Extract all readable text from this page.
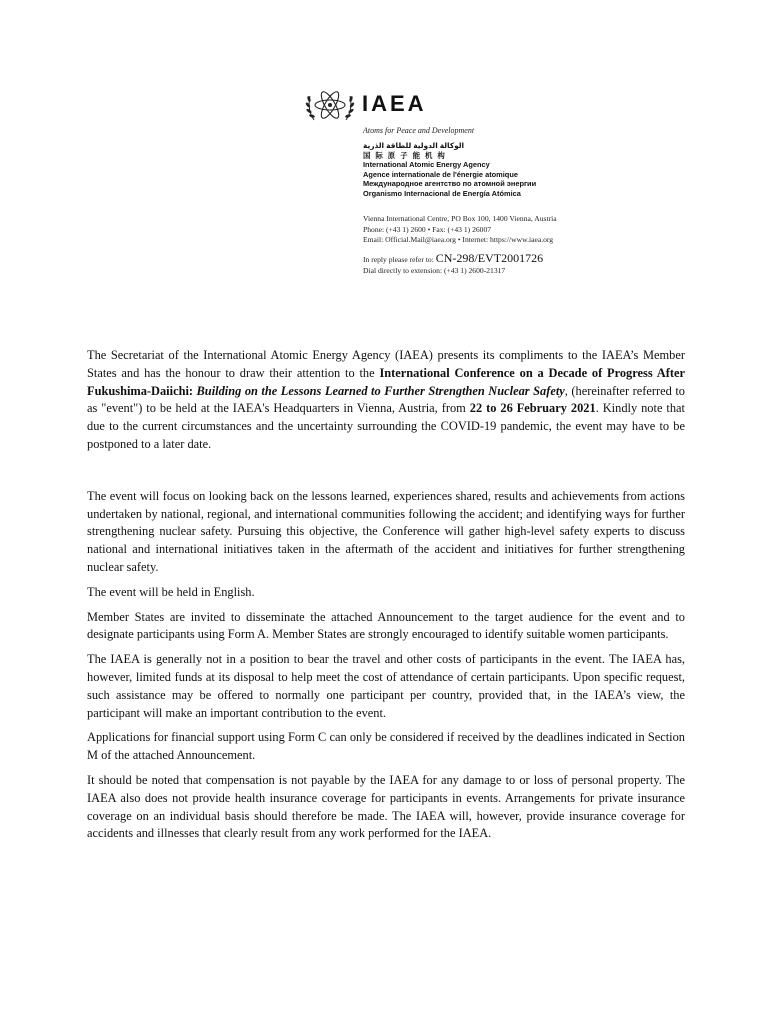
IAEA
Atoms for Peace and Development
الوكالة الدولية للطاقة الذرية
国际原子能机构
International Atomic Energy Agency
Agence internationale de l'énergie atomique
Международное агентство по атомной энергии
Organismo Internacional de Energía Atómica
Vienna International Centre, PO Box 100, 1400 Vienna, Austria
Phone: (+43 1) 2600 • Fax: (+43 1) 26007
Email: Official.Mail@iaea.org • Internet: https://www.iaea.org
In reply please refer to: CN-298/EVT2001726
Dial directly to extension: (+43 1) 2600-21317

The Secretariat of the International Atomic Energy Agency (IAEA) presents its compliments to the IAEA’s Member States and has the honour to draw their attention to the International Conference on a Decade of Progress After Fukushima-Daiichi: Building on the Lessons Learned to Further Strengthen Nuclear Safety, (hereinafter referred to as "event") to be held at the IAEA's Headquarters in Vienna, Austria, from 22 to 26 February 2021. Kindly note that due to the current circumstances and the uncertainty surrounding the COVID-19 pandemic, the event may have to be postponed to a later date.

The event will focus on looking back on the lessons learned, experiences shared, results and achievements from actions undertaken by national, regional, and international communities following the accident; and identifying ways for further strengthening nuclear safety. Pursuing this objective, the Conference will gather high-level safety experts to discuss national and international initiatives taken in the aftermath of the accident and initiatives for further strengthening nuclear safety.

The event will be held in English.

Member States are invited to disseminate the attached Announcement to the target audience for the event and to designate participants using Form A. Member States are strongly encouraged to identify suitable women participants.

The IAEA is generally not in a position to bear the travel and other costs of participants in the event. The IAEA has, however, limited funds at its disposal to help meet the cost of attendance of certain participants. Upon specific request, such assistance may be offered to normally one participant per country, provided that, in the IAEA’s view, the participant will make an important contribution to the event.

Applications for financial support using Form C can only be considered if received by the deadlines indicated in Section M of the attached Announcement.

It should be noted that compensation is not payable by the IAEA for any damage to or loss of personal property. The IAEA also does not provide health insurance coverage for participants in events. Arrangements for private insurance coverage on an individual basis should therefore be made. The IAEA will, however, provide insurance coverage for accidents and illnesses that clearly result from any work performed for the IAEA.
